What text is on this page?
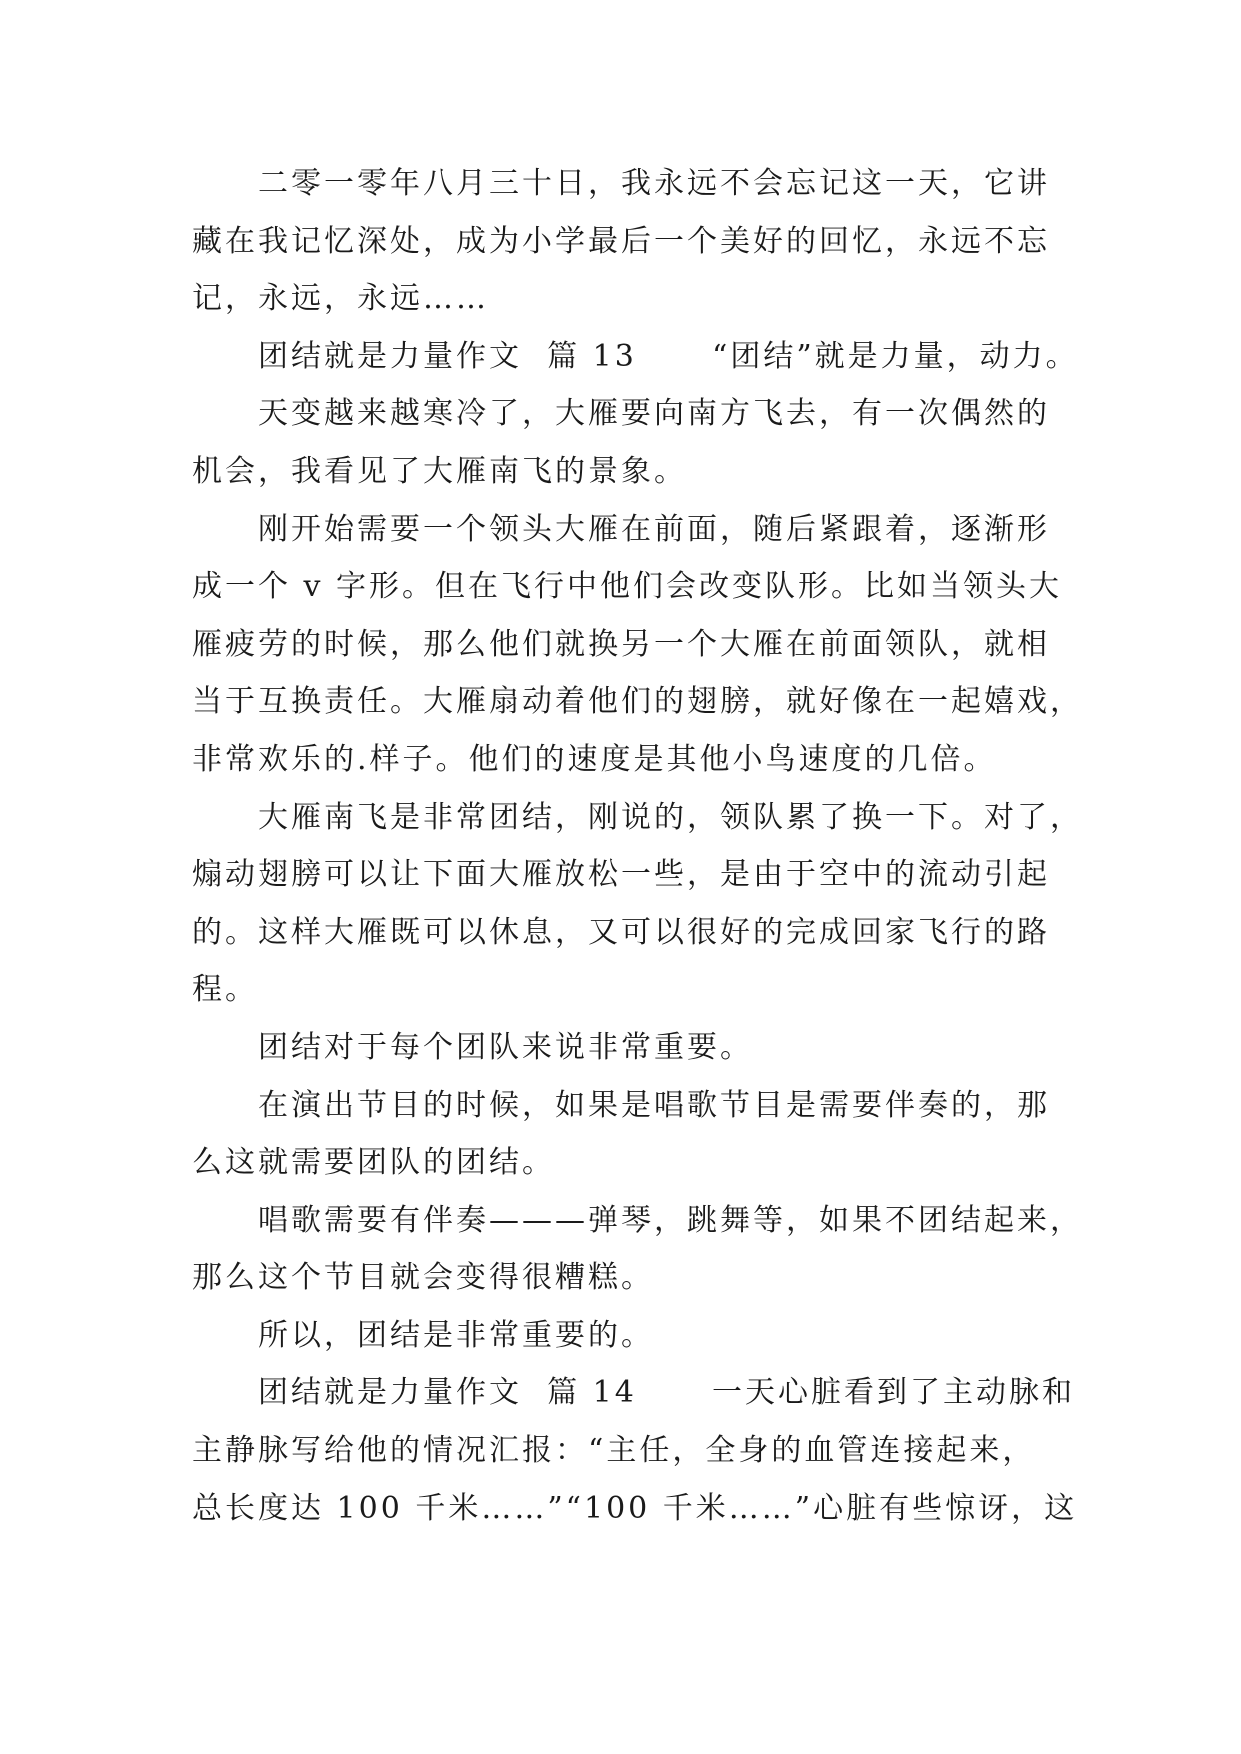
二零一零年八月三十日，我永远不会忘记这一天，它讲
藏在我记忆深处，成为小学最后一个美好的回忆，永远不忘
记，永远，永远……
团结就是力量作文  篇 13      “团结”就是力量，动力。
天变越来越寒冷了，大雁要向南方飞去，有一次偶然的
机会，我看见了大雁南飞的景象。
刚开始需要一个领头大雁在前面，随后紧跟着，逐渐形
成一个 v 字形。但在飞行中他们会改变队形。比如当领头大
雁疲劳的时候，那么他们就换另一个大雁在前面领队，就相
当于互换责任。大雁扇动着他们的翅膀，就好像在一起嬉戏，
非常欢乐的.样子。他们的速度是其他小鸟速度的几倍。
大雁南飞是非常团结，刚说的，领队累了换一下。对了，
煽动翅膀可以让下面大雁放松一些，是由于空中的流动引起
的。这样大雁既可以休息，又可以很好的完成回家飞行的路
程。
团结对于每个团队来说非常重要。
在演出节目的时候，如果是唱歌节目是需要伴奏的，那
么这就需要团队的团结。
唱歌需要有伴奏———弹琴，跳舞等，如果不团结起来，
那么这个节目就会变得很糟糕。
所以，团结是非常重要的。
团结就是力量作文  篇 14      一天心脏看到了主动脉和
主静脉写给他的情况汇报：“主任，全身的血管连接起来，
总长度达 100 千米……”“100 千米……”心脏有些惊讶，这
